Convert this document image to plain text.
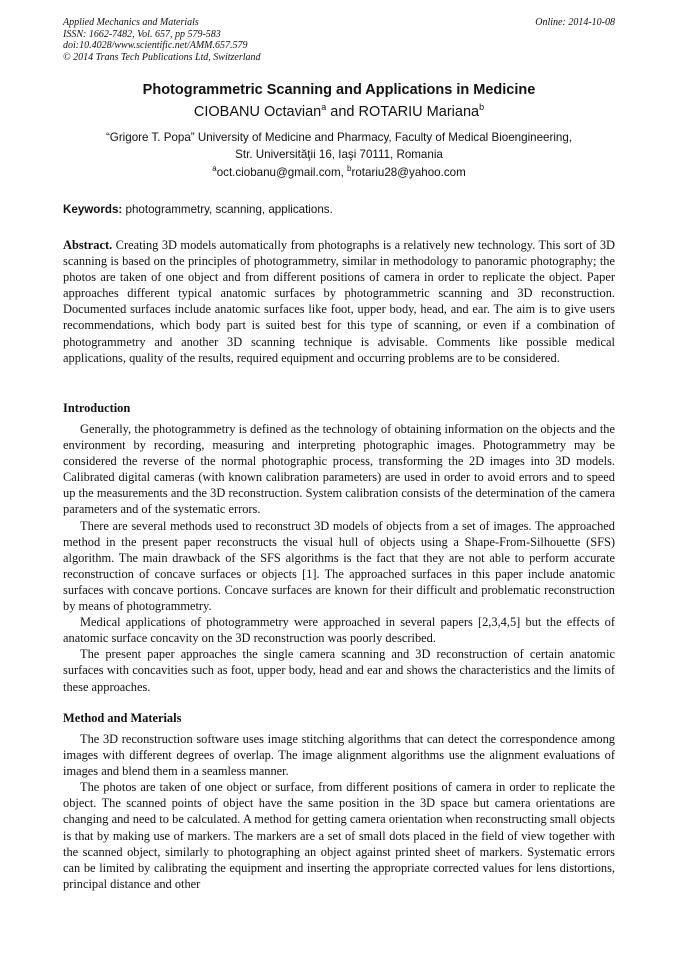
Applied Mechanics and Materials
ISSN: 1662-7482, Vol. 657, pp 579-583
doi:10.4028/www.scientific.net/AMM.657.579
© 2014 Trans Tech Publications Ltd, Switzerland
Online: 2014-10-08
Photogrammetric Scanning and Applications in Medicine
CIOBANU Octavian$^a$ and ROTARIU Mariana$^b$
“Grigore T. Popa” University of Medicine and Pharmacy, Faculty of Medical Bioengineering,
Str. Universităţii 16, Iaşi 70111, Romania
$^a$oct.ciobanu@gmail.com, $^b$rotariu28@yahoo.com
Keywords: photogrammetry, scanning, applications.

Abstract. Creating 3D models automatically from photographs is a relatively new technology. This sort of 3D scanning is based on the principles of photogrammetry, similar in methodology to panoramic photography; the photos are taken of one object and from different positions of camera in order to replicate the object. Paper approaches different typical anatomic surfaces by photogrammetric scanning and 3D reconstruction. Documented surfaces include anatomic surfaces like foot, upper body, head, and ear. The aim is to give users recommendations, which body part is suited best for this type of scanning, or even if a combination of photogrammetry and another 3D scanning technique is advisable. Comments like possible medical applications, quality of the results, required equipment and occurring problems are to be considered.

Introduction

Generally, the photogrammetry is defined as the technology of obtaining information on the objects and the environment by recording, measuring and interpreting photographic images. Photogrammetry may be considered the reverse of the normal photographic process, transforming the 2D images into 3D models. Calibrated digital cameras (with known calibration parameters) are used in order to avoid errors and to speed up the measurements and the 3D reconstruction. System calibration consists of the determination of the camera parameters and of the systematic errors.

There are several methods used to reconstruct 3D models of objects from a set of images. The approached method in the present paper reconstructs the visual hull of objects using a Shape-From-Silhouette (SFS) algorithm. The main drawback of the SFS algorithms is the fact that they are not able to perform accurate reconstruction of concave surfaces or objects [1]. The approached surfaces in this paper include anatomic surfaces with concave portions. Concave surfaces are known for their difficult and problematic reconstruction by means of photogrammetry.

Medical applications of photogrammetry were approached in several papers [2,3,4,5] but the effects of anatomic surface concavity on the 3D reconstruction was poorly described.

The present paper approaches the single camera scanning and 3D reconstruction of certain anatomic surfaces with concavities such as foot, upper body, head and ear and shows the characteristics and the limits of these approaches.

Method and Materials

The 3D reconstruction software uses image stitching algorithms that can detect the correspondence among images with different degrees of overlap. The image alignment algorithms use the alignment evaluations of images and blend them in a seamless manner.

The photos are taken of one object or surface, from different positions of camera in order to replicate the object. The scanned points of object have the same position in the 3D space but camera orientations are changing and need to be calculated. A method for getting camera orientation when reconstructing small objects is that by making use of markers. The markers are a set of small dots placed in the field of view together with the scanned object, similarly to photographing an object against printed sheet of markers. Systematic errors can be limited by calibrating the equipment and inserting the appropriate corrected values for lens distortions, principal distance and other
